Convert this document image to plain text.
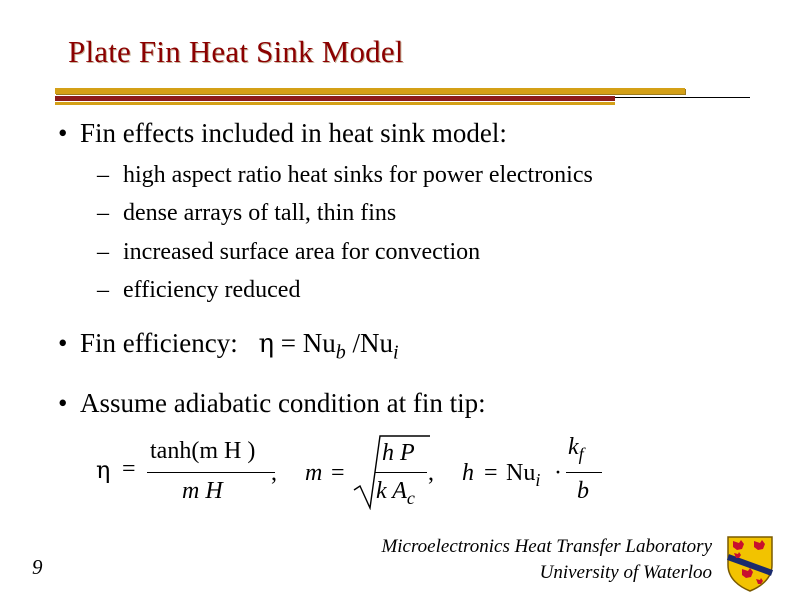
Plate Fin Heat Sink Model
• Fin effects included in heat sink model:
– high aspect ratio heat sinks for power electronics
– dense arrays of tall, thin fins
– increased surface area for convection
– efficiency reduced
• Fin efficiency: $\eta = Nu_b$ $/Nu_i$
• Assume adiabatic condition at fin tip:
η =
tanh(m H )
m H
, m =
h P
k $A_c$
, $h = Nu_i$ ·
$k_f$
b
9
Microelectronics Heat Transfer Laboratory
University of Waterloo
